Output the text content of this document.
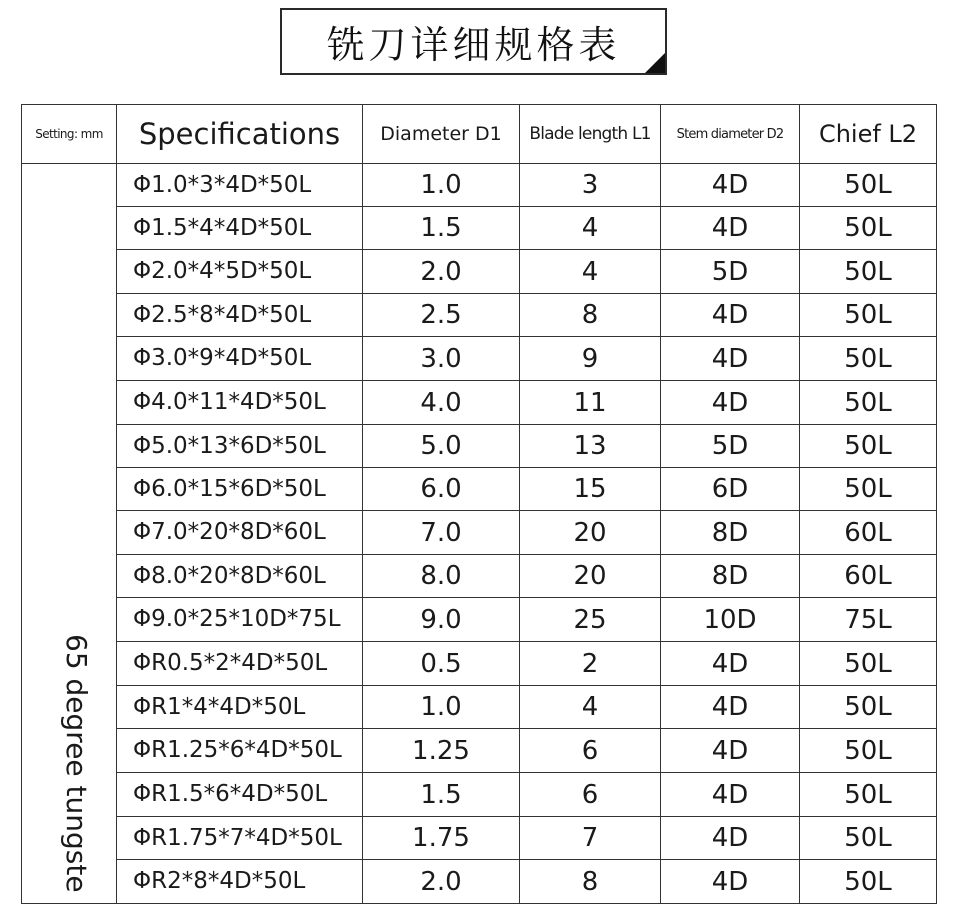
铣刀详细规格表
Setting: mm	Specifications	Diameter D1	Blade length L1	Stem diameter D2	Chief L2

65 degree tungste	Φ1.0*3*4D*50L	1.0	3	4D	50L
	Φ1.5*4*4D*50L	1.5	4	4D	50L
	Φ2.0*4*5D*50L	2.0	4	5D	50L
	Φ2.5*8*4D*50L	2.5	8	4D	50L
	Φ3.0*9*4D*50L	3.0	9	4D	50L
	Φ4.0*11*4D*50L	4.0	11	4D	50L
	Φ5.0*13*6D*50L	5.0	13	5D	50L
	Φ6.0*15*6D*50L	6.0	15	6D	50L
	Φ7.0*20*8D*60L	7.0	20	8D	60L
	Φ8.0*20*8D*60L	8.0	20	8D	60L
	Φ9.0*25*10D*75L	9.0	25	10D	75L
	ΦR0.5*2*4D*50L	0.5	2	4D	50L
	ΦR1*4*4D*50L	1.0	4	4D	50L
	ΦR1.25*6*4D*50L	1.25	6	4D	50L
	ΦR1.5*6*4D*50L	1.5	6	4D	50L
	ΦR1.75*7*4D*50L	1.75	7	4D	50L
	ΦR2*8*4D*50L	2.0	8	4D	50L
